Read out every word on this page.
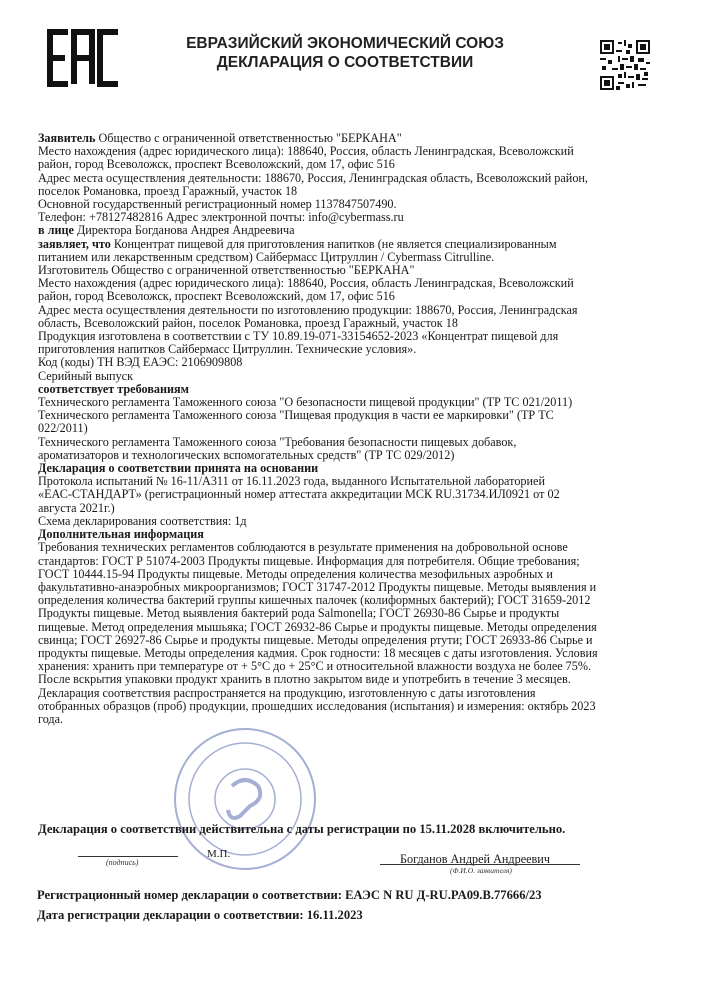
ЕВРАЗИЙСКИЙ ЭКОНОМИЧЕСКИЙ СОЮЗ
ДЕКЛАРАЦИЯ О СООТВЕТСТВИИ
Заявитель Общество с ограниченной ответственностью "БЕРКАНА"
Место нахождения (адрес юридического лица): 188640, Россия, область Ленинградская, Всеволожский
район, город Всеволожск, проспект Всеволожский, дом 17, офис 516
Адрес места осуществления деятельности: 188670, Россия, Ленинградская область, Всеволожский район,
поселок Романовка, проезд Гаражный, участок 18
Основной государственный регистрационный номер 1137847507490.
Телефон: +78127482816 Адрес электронной почты: info@cybermass.ru
в лице Директора Богданова Андрея Андреевича
заявляет, что Концентрат пищевой для приготовления напитков (не является специализированным
питанием или лекарственным средством) Сайбермасс Цитруллин / Cybermass Citrulline.
Изготовитель Общество с ограниченной ответственностью "БЕРКАНА"
Место нахождения (адрес юридического лица): 188640, Россия, область Ленинградская, Всеволожский
район, город Всеволожск, проспект Всеволожский, дом 17, офис 516
Адрес места осуществления деятельности по изготовлению продукции: 188670, Россия, Ленинградская
область, Всеволожский район, поселок Романовка, проезд Гаражный, участок 18
Продукция изготовлена в соответствии с ТУ 10.89.19-071-33154652-2023 «Концентрат пищевой для
приготовления напитков Сайбермасс Цитруллин. Технические условия».
Код (коды) ТН ВЭД ЕАЭС: 2106909808
Серийный выпуск
соответствует требованиям
Технического регламента Таможенного союза "О безопасности пищевой продукции" (ТР ТС 021/2011)
Технического регламента Таможенного союза "Пищевая продукция в части ее маркировки" (ТР ТС
022/2011)
Технического регламента Таможенного союза "Требования безопасности пищевых добавок,
ароматизаторов и технологических вспомогательных средств" (ТР ТС 029/2012)
Декларация о соответствии принята на основании
Протокола испытаний № 16-11/А311 от 16.11.2023 года, выданного Испытательной лабораторией
«ЕАС-СТАНДАРТ» (регистрационный номер аттестата аккредитации МСК RU.31734.ИЛ0921 от 02
августа 2021г.)
Схема декларирования соответствия: 1д
Дополнительная информация
Требования технических регламентов соблюдаются в результате применения на добровольной основе
стандартов: ГОСТ Р 51074-2003 Продукты пищевые. Информация для потребителя. Общие требования;
ГОСТ 10444.15-94 Продукты пищевые. Методы определения количества мезофильных аэробных и
факультативно-анаэробных микроорганизмов; ГОСТ 31747-2012 Продукты пищевые. Методы выявления и
определения количества бактерий группы кишечных палочек (колиформных бактерий); ГОСТ 31659-2012
Продукты пищевые. Метод выявления бактерий рода Salmonella; ГОСТ 26930-86 Сырье и продукты
пищевые. Метод определения мышьяка; ГОСТ 26932-86 Сырье и продукты пищевые. Методы определения
свинца; ГОСТ 26927-86 Сырье и продукты пищевые. Методы определения ртути; ГОСТ 26933-86 Сырье и
продукты пищевые. Методы определения кадмия. Срок годности: 18 месяцев с даты изготовления. Условия
хранения: хранить при температуре от + 5°С до + 25°С и относительной влажности воздуха не более 75%.
После вскрытия упаковки продукт хранить в плотно закрытом виде и употребить в течение 3 месяцев.
Декларация соответствия распространяется на продукцию, изготовленную с даты изготовления
отобранных образцов (проб) продукции, прошедших исследования (испытания) и измерения: октябрь 2023
года.
Декларация о соответствии действительна с даты регистрации по 15.11.2028 включительно.
М.П.
(подпись)	Богданов Андрей Андреевич
(Ф.И.О. заявителя)
Регистрационный номер декларации о соответствии: ЕАЭС N RU Д-RU.PA09.B.77666/23
Дата регистрации декларации о соответствии: 16.11.2023
